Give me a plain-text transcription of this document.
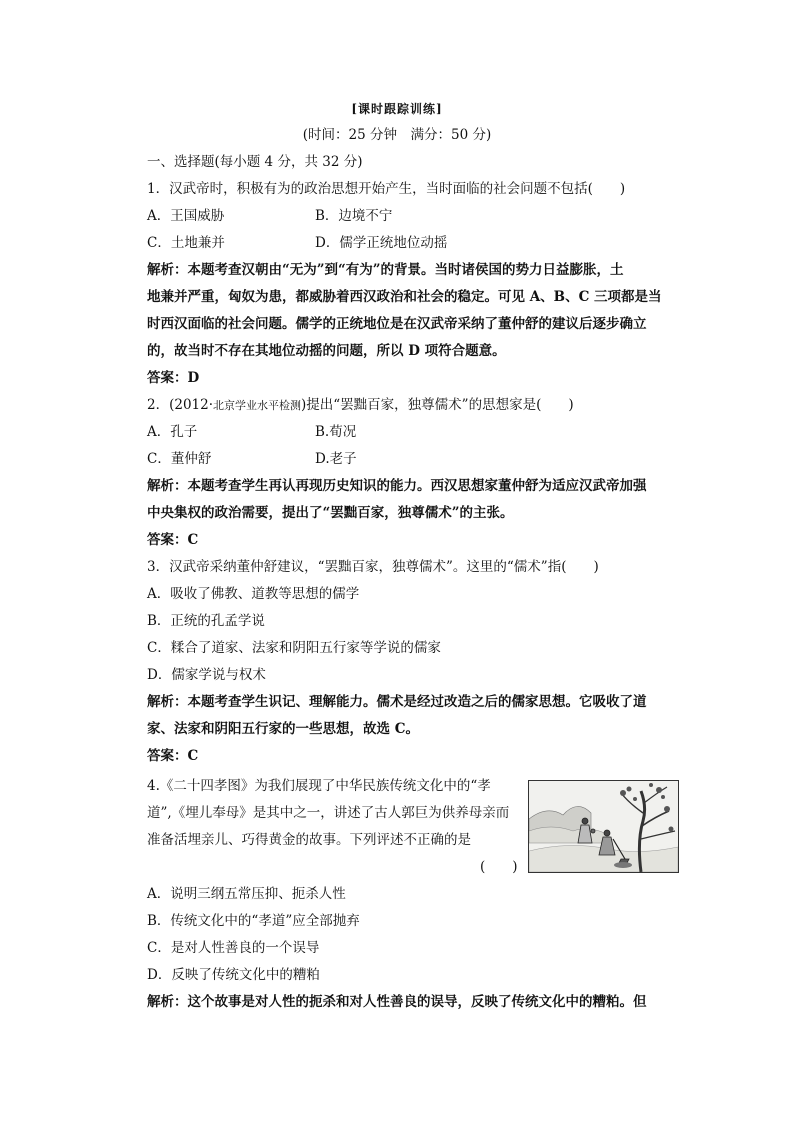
[课时跟踪训练]
(时间：25 分钟　满分：50 分)
一、选择题(每小题 4 分，共 32 分)
1．汉武帝时，积极有为的政治思想开始产生，当时面临的社会问题不包括(　　)
A．王国威胁	B．边境不宁
C．土地兼并	D．儒学正统地位动摇
解析：本题考查汉朝由“无为”到“有为”的背景。当时诸侯国的势力日益膨胀，土
地兼并严重，匈奴为患，都威胁着西汉政治和社会的稳定。可见 A、B、C 三项都是当
时西汉面临的社会问题。儒学的正统地位是在汉武帝采纳了董仲舒的建议后逐步确立
的，故当时不存在其地位动摇的问题，所以 D 项符合题意。
答案：D
2．(2012·北京学业水平检测)提出“罢黜百家，独尊儒术”的思想家是(　　)
A．孔子	B.荀况
C．董仲舒	D.老子
解析：本题考查学生再认再现历史知识的能力。西汉思想家董仲舒为适应汉武帝加强
中央集权的政治需要，提出了“罢黜百家，独尊儒术”的主张。
答案：C
3．汉武帝采纳董仲舒建议，“罢黜百家，独尊儒术”。这里的“儒术”指(　　)
A．吸收了佛教、道教等思想的儒学
B．正统的孔孟学说
C．糅合了道家、法家和阴阳五行家等学说的儒家
D．儒家学说与权术
解析：本题考查学生识记、理解能力。儒术是经过改造之后的儒家思想。它吸收了道
家、法家和阴阳五行家的一些思想，故选 C。
答案：C
4.《二十四孝图》为我们展现了中华民族传统文化中的“孝
道”,《埋儿奉母》是其中之一，讲述了古人郭巨为供养母亲而
准备活埋亲儿、巧得黄金的故事。下列评述不正确的是
(　　)
A．说明三纲五常压抑、扼杀人性
B．传统文化中的“孝道”应全部抛弃
C．是对人性善良的一个误导
D．反映了传统文化中的糟粕
解析：这个故事是对人性的扼杀和对人性善良的误导，反映了传统文化中的糟粕。但
